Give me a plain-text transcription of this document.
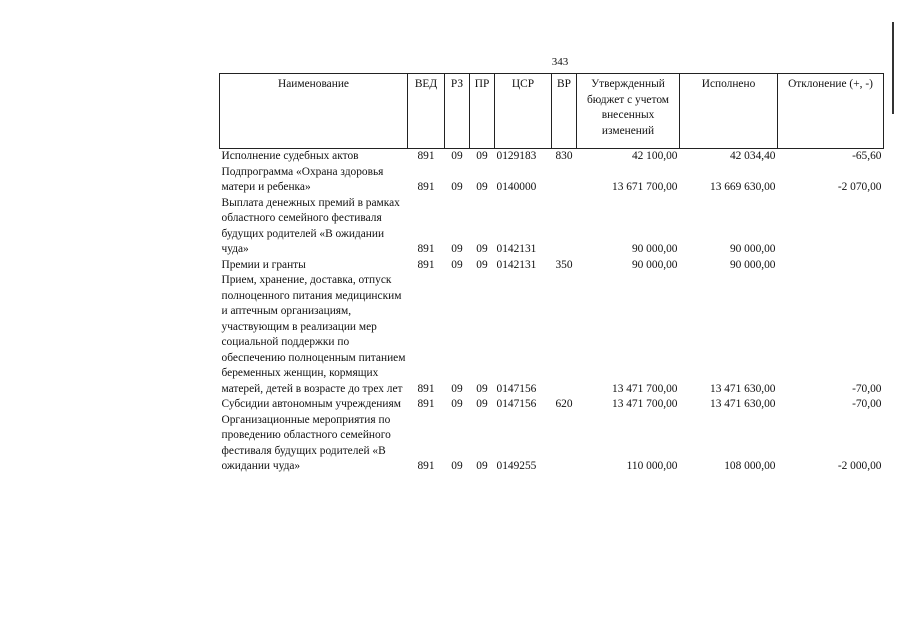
343
Наименование	ВЕД	РЗ	ПР	ЦСР	ВР	Утвержденный бюджет с учетом внесенных изменений	Исполнено	Отклонение (+, -)
Исполнение судебных актов	891	09	09	0129183	830	42 100,00	42 034,40	-65,60
Подпрограмма «Охрана здоровья матери и ребенка»	891	09	09	0140000		13 671 700,00	13 669 630,00	-2 070,00
Выплата денежных премий в рамках областного семейного фестиваля будущих родителей «В ожидании чуда»	891	09	09	0142131		90 000,00	90 000,00	
Премии и гранты	891	09	09	0142131	350	90 000,00	90 000,00	
Прием, хранение, доставка, отпуск полноценного питания медицинским и аптечным организациям, участвующим в реализации мер социальной поддержки по обеспечению полноценным питанием беременных женщин, кормящих матерей, детей в возрасте до трех лет	891	09	09	0147156		13 471 700,00	13 471 630,00	-70,00
Субсидии автономным учреждениям	891	09	09	0147156	620	13 471 700,00	13 471 630,00	-70,00
Организационные мероприятия по проведению областного семейного фестиваля будущих родителей «В ожидании чуда»	891	09	09	0149255		110 000,00	108 000,00	-2 000,00
